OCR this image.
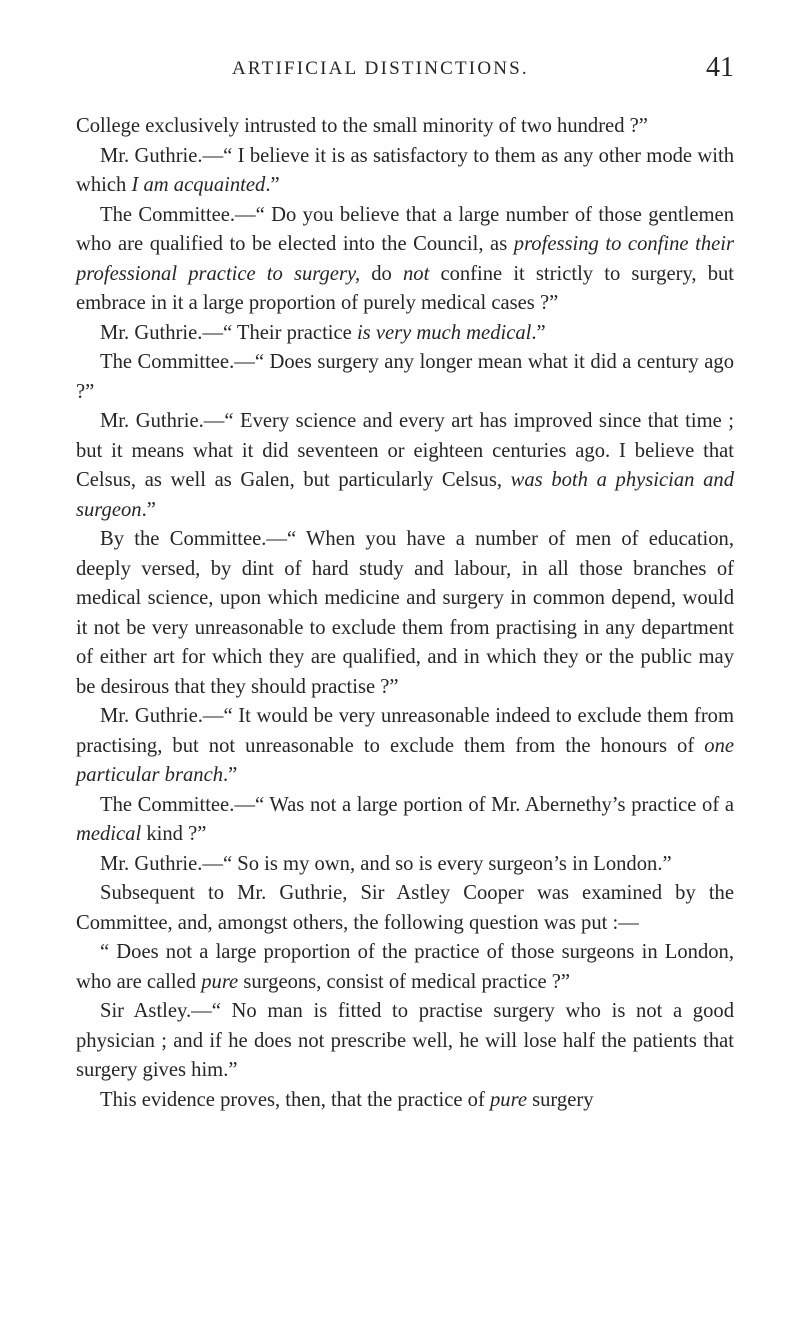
ARTIFICIAL DISTINCTIONS.	41

College exclusively intrusted to the small minority of two hundred ?”

Mr. Guthrie.—“ I believe it is as satisfactory to them as any other mode with which I am acquainted.”

The Committee.—“ Do you believe that a large number of those gentlemen who are qualified to be elected into the Council, as professing to confine their professional practice to surgery, do not confine it strictly to surgery, but embrace in it a large proportion of purely medical cases ?”

Mr. Guthrie.—“ Their practice is very much medical.”

The Committee.—“ Does surgery any longer mean what it did a century ago ?”

Mr. Guthrie.—“ Every science and every art has improved since that time ; but it means what it did seventeen or eighteen centuries ago. I believe that Celsus, as well as Galen, but particularly Celsus, was both a physician and surgeon.”

By the Committee.—“ When you have a number of men of education, deeply versed, by dint of hard study and labour, in all those branches of medical science, upon which medicine and surgery in common depend, would it not be very unreasonable to exclude them from practising in any department of either art for which they are qualified, and in which they or the public may be desirous that they should practise ?”

Mr. Guthrie.—“ It would be very unreasonable indeed to exclude them from practising, but not unreasonable to exclude them from the honours of one particular branch.”

The Committee.—“ Was not a large portion of Mr. Abernethy’s practice of a medical kind ?”

Mr. Guthrie.—“ So is my own, and so is every surgeon’s in London.”

Subsequent to Mr. Guthrie, Sir Astley Cooper was examined by the Committee, and, amongst others, the following question was put :—

“ Does not a large proportion of the practice of those surgeons in London, who are called pure surgeons, consist of medical practice ?”

Sir Astley.—“ No man is fitted to practise surgery who is not a good physician ; and if he does not prescribe well, he will lose half the patients that surgery gives him.”

This evidence proves, then, that the practice of pure surgery
